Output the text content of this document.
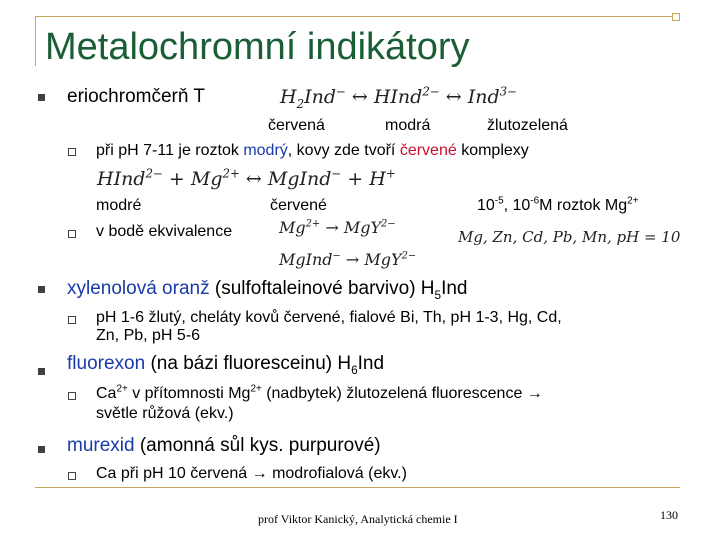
Metalochromní indikátory
eriochromčerň T	$H_2Ind^-$ ↔ HInd$^{2-}$ ↔ Ind$^{3-}$
červená	modrá	žlutozelená
při pH 7-11 je roztok modrý, kovy zde tvoří červené komplexy
HInd$^{2-}$ + $Mg^{2+}$ ↔ MgInd− + H+
modré	červené	$10^{-5}$, $10^{-6}M$ roztok $Mg^{2+}$
v bodě ekvivalence	$Mg^{2+} \to MgY^{2-}$
Mg, Zn, Cd, Pb, Mn, pH = 10
MgInd− → MgY$^{2-}$
xylenolová oranž (sulfoftaleinové barvivo) $H_5Ind$
pH 1-6 žlutý, cheláty kovů červené, fialové Bi, Th, pH 1-3, Hg, Cd,
Zn, Pb, pH 5-6
fluorexon (na bázi fluoresceinu) $H_6Ind$
$Ca^{2+}$ v přítomnosti $Mg^{2+}$ (nadbytek) žlutozelená fluorescence →
světle růžová (ekv.)
murexid (amonná sůl kys. purpurové)
Ca při pH 10 červená → modrofialová (ekv.)
prof Viktor Kanický, Analytická chemie I	130
